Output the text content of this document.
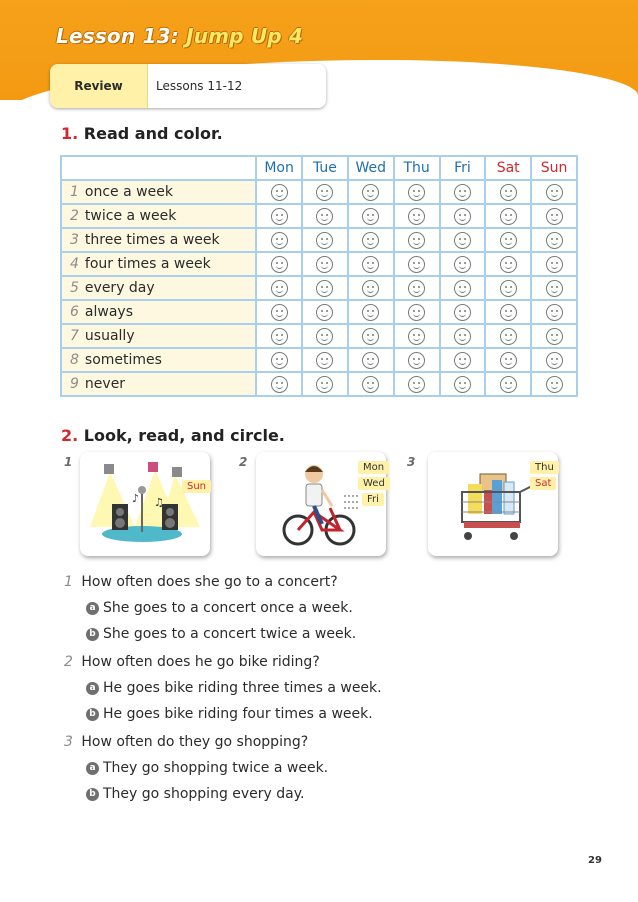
Lesson 13: Jump Up 4
Review	Lessons 11-12
1. Read and color.
	Mon	Tue	Wed	Thu	Fri	Sat	Sun
1 once a week							
2 twice a week							
3 three times a week							
4 four times a week							
5 every day							
6 always							
7 usually							
8 sometimes							
9 never							
2. Look, read, and circle.
1
♪ ♫
Sun
2	Mon
Wed
Fri
3	Thu
Sat
1 How often does she go to a concert?
a She goes to a concert once a week.
b She goes to a concert twice a week.
2 How often does he go bike riding?
a He goes bike riding three times a week.
b He goes bike riding four times a week.
3 How often do they go shopping?
a They go shopping twice a week.
b They go shopping every day.
29
